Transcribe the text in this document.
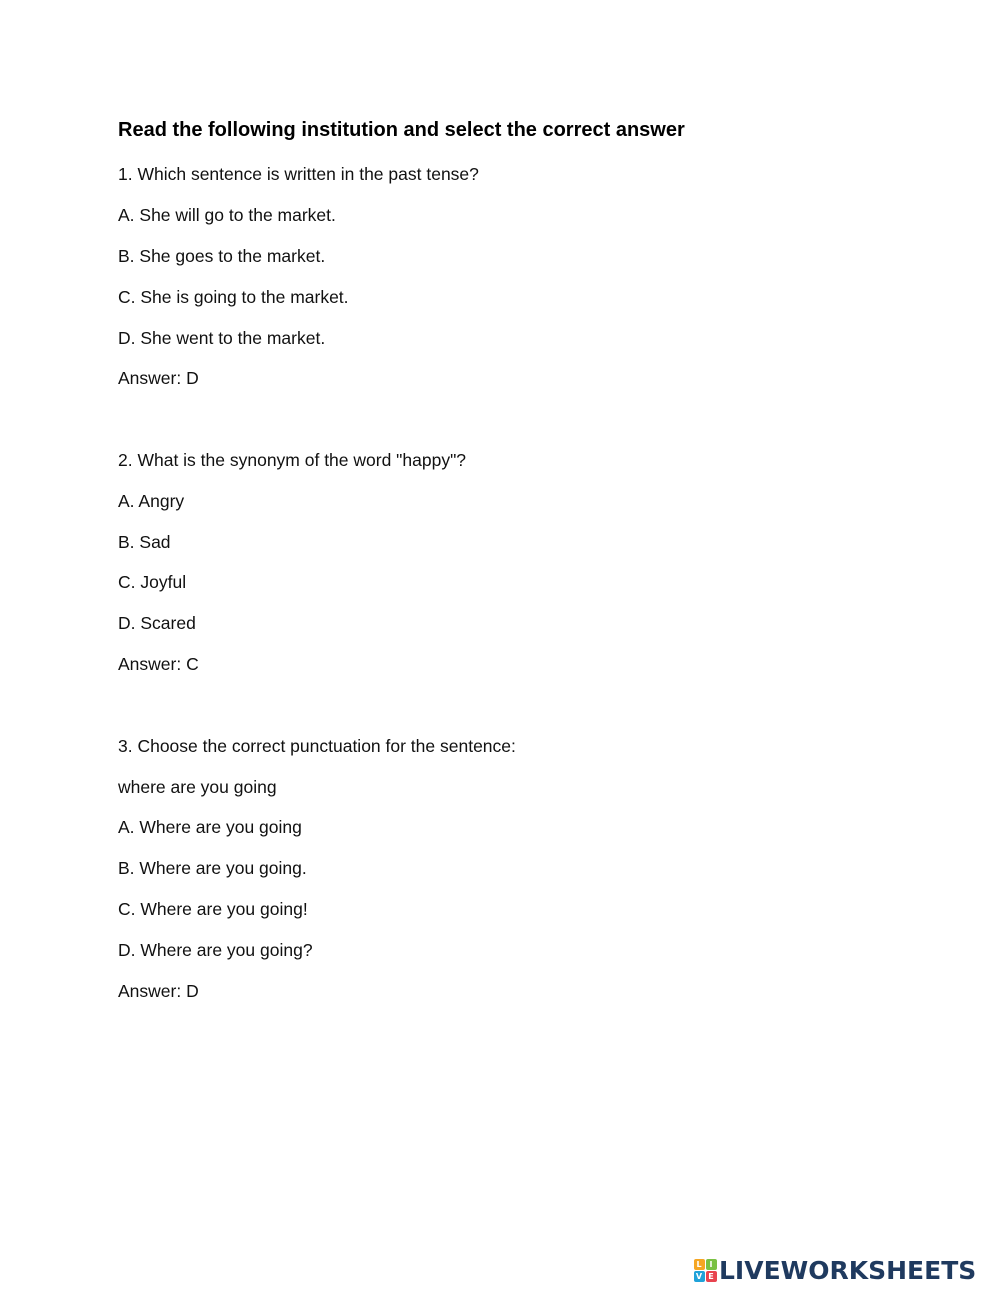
Read the following institution and select the correct answer
1. Which sentence is written in the past tense?
A. She will go to the market.
B. She goes to the market.
C. She is going to the market.
D. She went to the market.
Answer: D
2. What is the synonym of the word "happy"?
A. Angry
B. Sad
C. Joyful
D. Scared
Answer: C
3. Choose the correct punctuation for the sentence:
where are you going
A. Where are you going
B. Where are you going.
C. Where are you going!
D. Where are you going?
Answer: D
L I
V E LIVEWORKSHEETS
